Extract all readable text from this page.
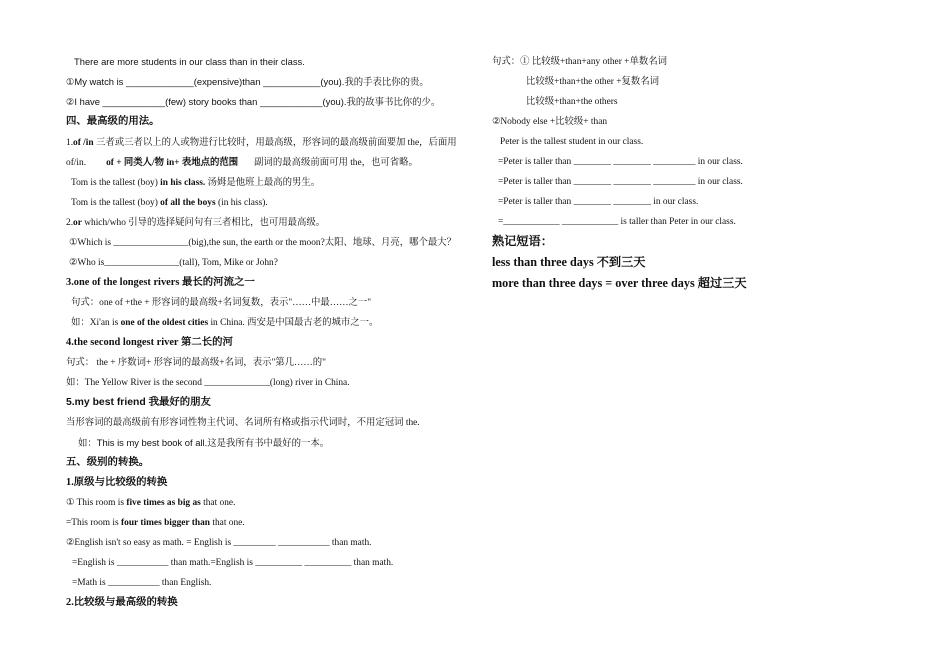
There are more students in our class than in their class.
①My watch is _____________(expensive)than ___________(you).我的手表比你的贵。
②I have ____________(few) story books than ____________(you).我的故事书比你的少。
四、最高级的用法。
1.of /in 三者或三者以上的人或物进行比较时，用最高级，形容词的最高级前面要加 the，后面用
of/in. of + 同类人/物 in+ 表地点的范围 副词的最高级前面可用 the，也可省略。
Tom is the tallest (boy) in his class. 汤姆是他班上最高的男生。
Tom is the tallest (boy) of all the boys (in his class).
2.or which/who 引导的选择疑问句有三者相比，也可用最高级。
①Which is ________________(big),the sun, the earth or the moon?太阳、地球、月亮，哪个最大？
②Who is________________(tall), Tom, Mike or John?
3.one of the longest rivers 最长的河流之一
句式：one of +the + 形容词的最高级+名词复数，表示"……中最……之一"
如：Xi'an is one of the oldest cities in China. 西安是中国最古老的城市之一。
4.the second longest river 第二长的河
句式： the + 序数词+ 形容词的最高级+名词，表示"第几……的"
如：The Yellow River is the second ______________(long) river in China.
5.my best friend 我最好的朋友
当形容词的最高级前有形容词性物主代词、名词所有格或指示代词时，不用定冠词 the.
如：This is my best book of all.这是我所有书中最好的一本。
五、级别的转换。
1.原级与比较级的转换
① This room is five times as big as that one.
=This room is four times bigger than that one.
②English isn't so easy as math. = English is _________ ___________ than math.
=English is ___________ than math.=English is __________ __________ than math.
=Math is ___________ than English.
2.比较级与最高级的转换
句式：① 比较级+than+any other +单数名词
比较级+than+the other +复数名词
比较级+than+the others
②Nobody else +比较级+ than
Peter is the tallest student in our class.
=Peter is taller than ________ ________ _________ in our class.
=Peter is taller than ________ ________ _________ in our class.
=Peter is taller than ________ ________ in our class.
=____________ ____________ is taller than Peter in our class.
熟记短语：
less than three days 不到三天
more than three days = over three days 超过三天
